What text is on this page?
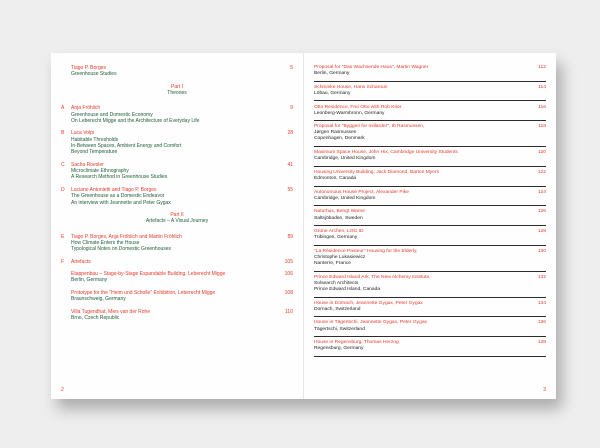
Tiago P. Borges	5
Greenhouse Studies
Part I
Theories
A	Anja Fröhlich	9
Greenhouse and Domestic Economy
On Leberecht Migge and the Architecture of Everyday Life
B	Luca Volpi	28
Habitable Thresholds
In-Between Spaces, Ambient Energy and Comfort
Beyond Temperature
C	Sacha Roesler	41
Microclimate Ethnography
A Research Method in Greenhouse Studies
D	Luciano Antonietti and Tiago P. Borges	55
The Greenhouse as a Domestic Endeavor
An interview with Jeannette and Peter Gygax
Part II
Artefacts – A Visual Journey
E	Tiago P. Borges, Anja Fröhlich and Martin Fröhlich	89
How Climate Enters the House
Typological Notes on Domestic Greenhouses
F	Artefacts	105
Etappenbau – Stage-by-Stage Expandable Building, Leberecht Migge	106
Berlin, Germany
Prototype for the "Heim und Scholle" Exhibition, Leberecht Migge	108
Braunschweig, Germany
Villa Tugendhat, Mies van der Rohe	110
Brno, Czech Republic
2
Proposal for "Das Wachsende Haus", Martin Wagner	112
Berlin, Germany
Schminke House, Hans Scharoun	114
Löbau, Germany
Otto Residence, Frei Otto with Rob Krier	116
Leonberg-Warmbronn, Germany
Proposal for "Byggeri for millarder", Ib Rasmussen,	118
Jørgen Rasmussen
Copenhagen, Denmark
Maximum Space House, John Hix, Cambridge University Students	120
Cambridge, United Kingdom
Housing University Building, Jack Diamond, Barton Myers	122
Edmonton, Canada
Autonomous House Project, Alexander Pike	124
Cambridge, United Kingdom
Naturhus, Bengt Warne	126
Saltsjöbaden, Sweden
Grüne Archen, LOG ID	128
Tübingen, Germany
"La Résidence Pasteur" Housing for the Elderly,	130
Christophe Lukasiewicz
Nanterre, France
Prince Edward Island Ark, The New Alchemy Institute,	132
Solsearch Architects
Prince Edward Island, Canada
House in Dornach, Jeannette Gygax, Peter Gygax	134
Dornach, Switzerland
House in Tägertschi, Jeannette Gygax, Peter Gygax	136
Tägertschi, Switzerland
House in Regensburg, Thomas Herzog	138
Regensburg, Germany
3
